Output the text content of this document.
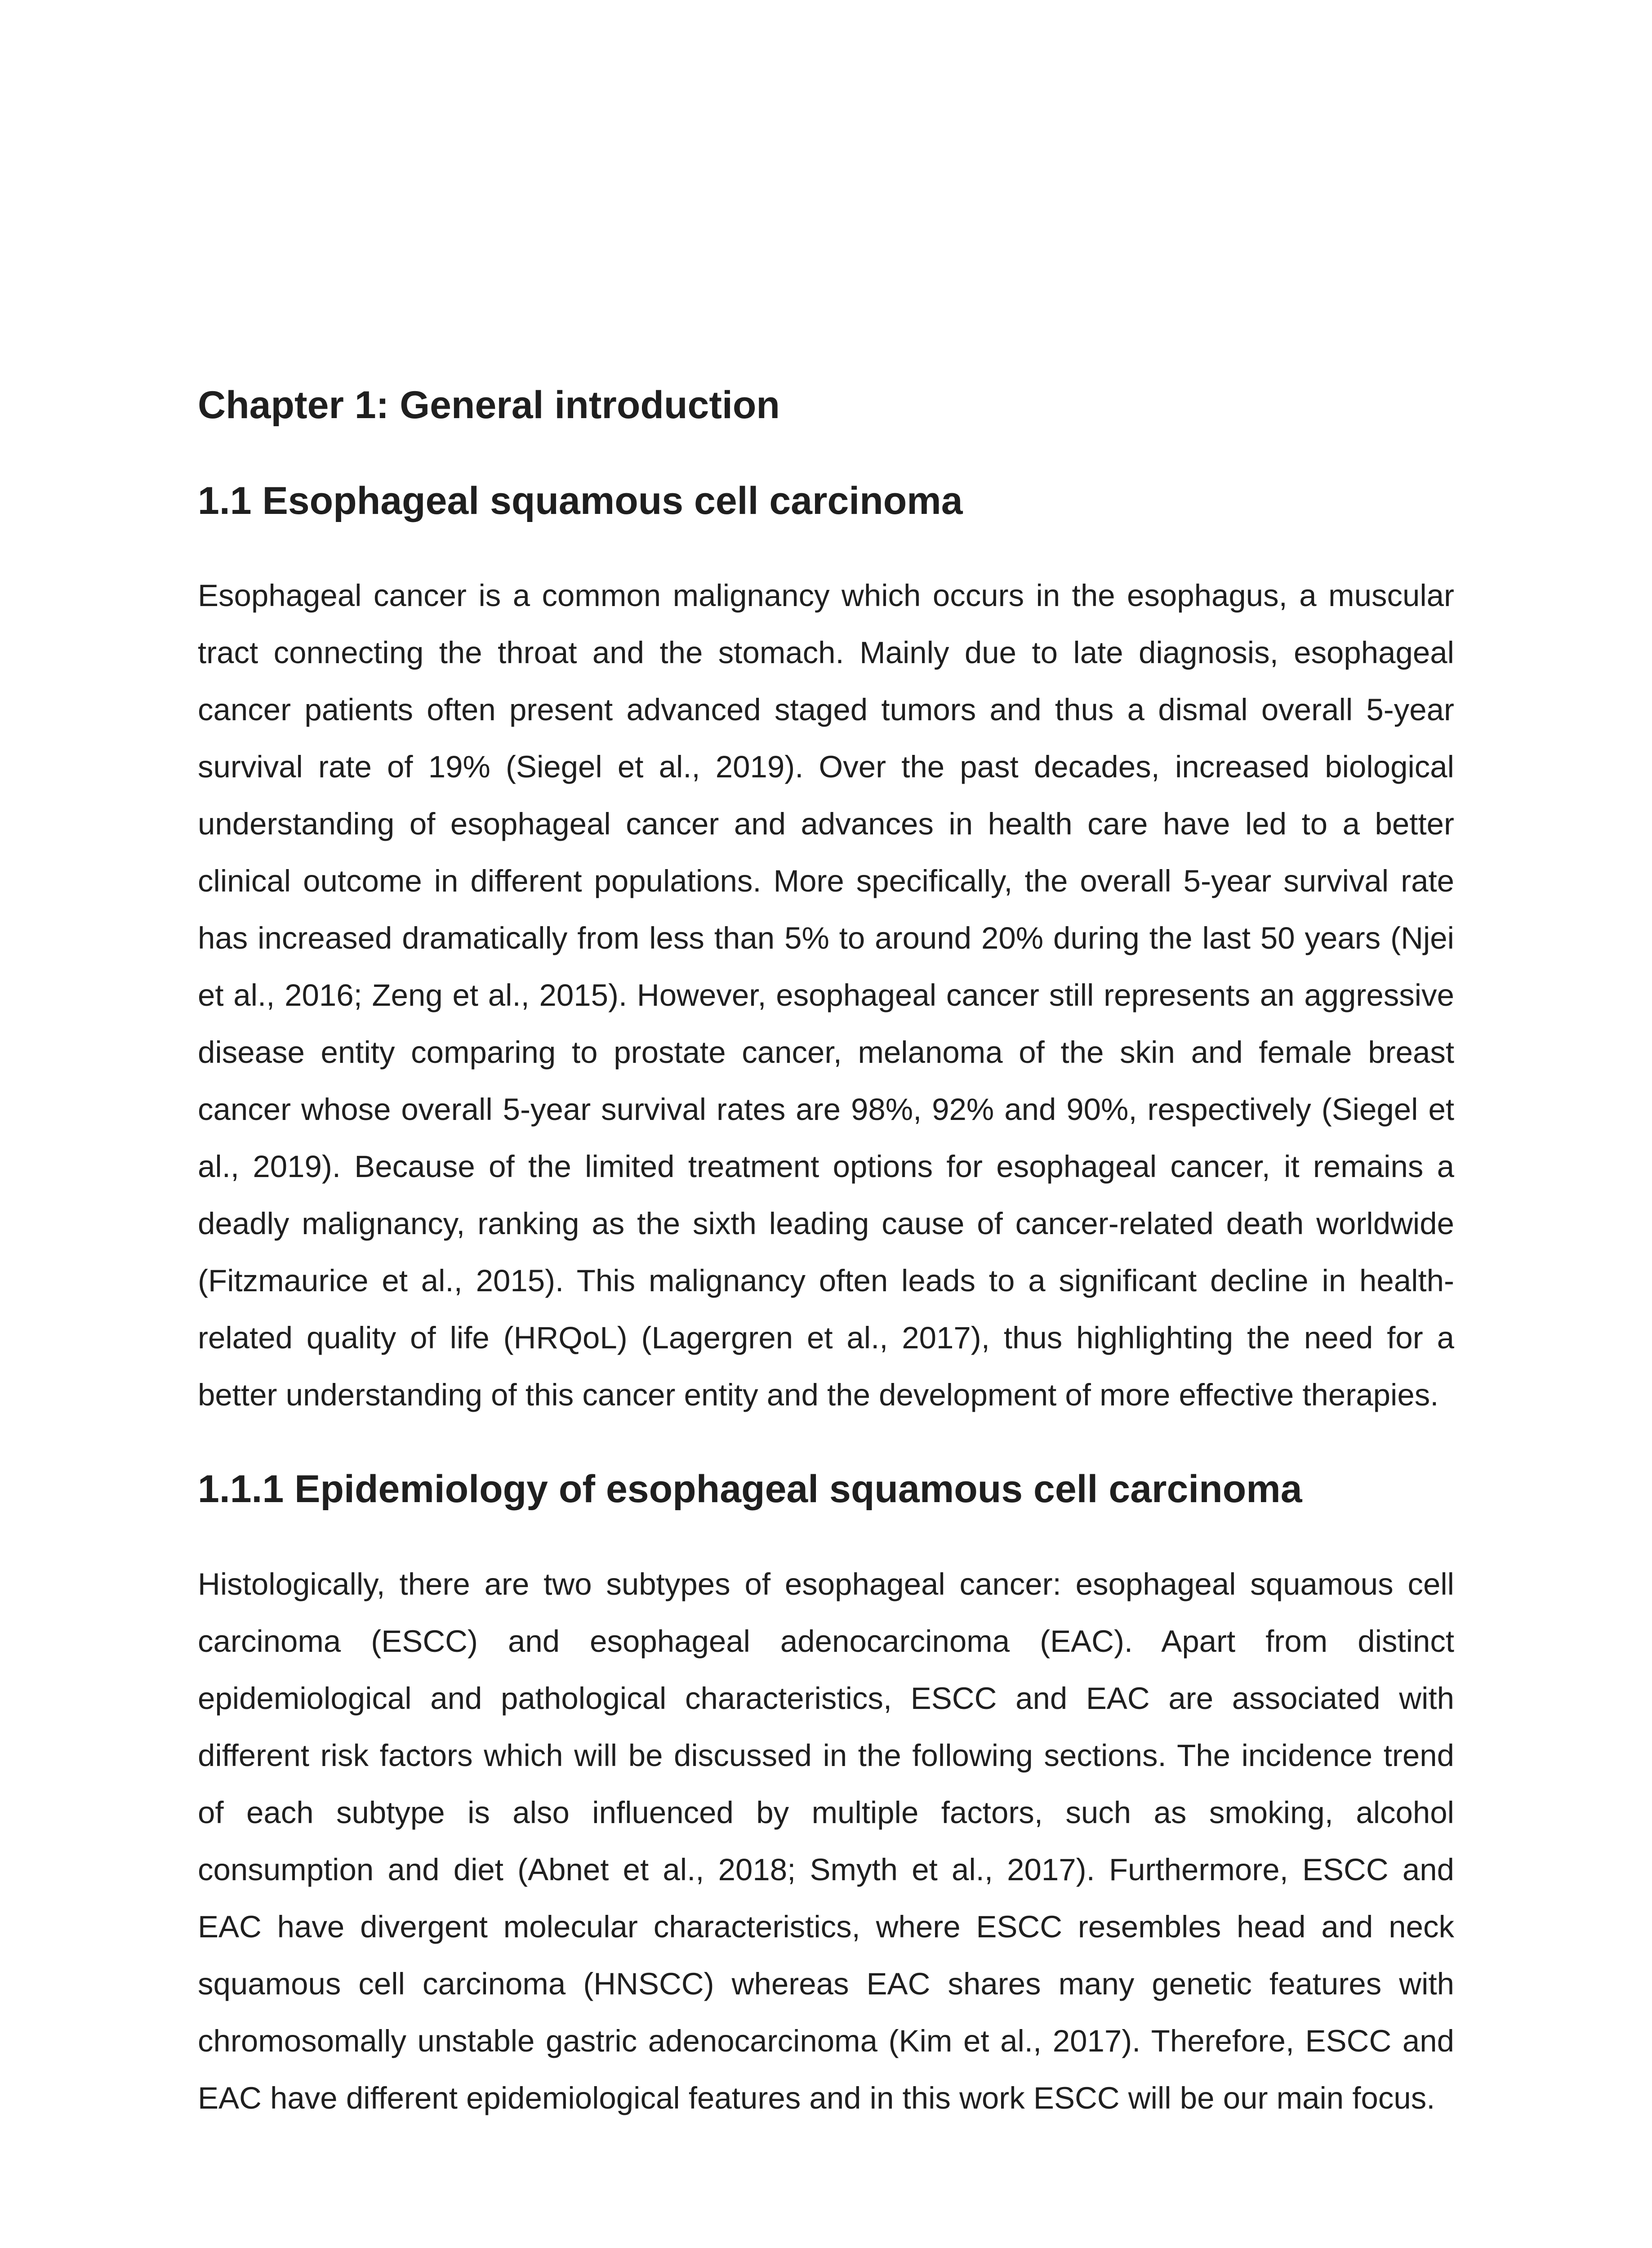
Chapter 1: General introduction
1.1 Esophageal squamous cell carcinoma

Esophageal cancer is a common malignancy which occurs in the esophagus, a muscular tract connecting the throat and the stomach. Mainly due to late diagnosis, esophageal cancer patients often present advanced staged tumors and thus a dismal overall 5-year survival rate of 19% (Siegel et al., 2019). Over the past decades, increased biological understanding of esophageal cancer and advances in health care have led to a better clinical outcome in different populations. More specifically, the overall 5-year survival rate has increased dramatically from less than 5% to around 20% during the last 50 years (Njei et al., 2016; Zeng et al., 2015). However, esophageal cancer still represents an aggressive disease entity comparing to prostate cancer, melanoma of the skin and female breast cancer whose overall 5-year survival rates are 98%, 92% and 90%, respectively (Siegel et al., 2019). Because of the limited treatment options for esophageal cancer, it remains a deadly malignancy, ranking as the sixth leading cause of cancer-related death worldwide (Fitzmaurice et al., 2015). This malignancy often leads to a significant decline in health-related quality of life (HRQoL) (Lagergren et al., 2017), thus highlighting the need for a better understanding of this cancer entity and the development of more effective therapies.

1.1.1 Epidemiology of esophageal squamous cell carcinoma

Histologically, there are two subtypes of esophageal cancer: esophageal squamous cell carcinoma (ESCC) and esophageal adenocarcinoma (EAC). Apart from distinct epidemiological and pathological characteristics, ESCC and EAC are associated with different risk factors which will be discussed in the following sections. The incidence trend of each subtype is also influenced by multiple factors, such as smoking, alcohol consumption and diet (Abnet et al., 2018; Smyth et al., 2017). Furthermore, ESCC and EAC have divergent molecular characteristics, where ESCC resembles head and neck squamous cell carcinoma (HNSCC) whereas EAC shares many genetic features with chromosomally unstable gastric adenocarcinoma (Kim et al., 2017). Therefore, ESCC and EAC have different epidemiological features and in this work ESCC will be our main focus.
